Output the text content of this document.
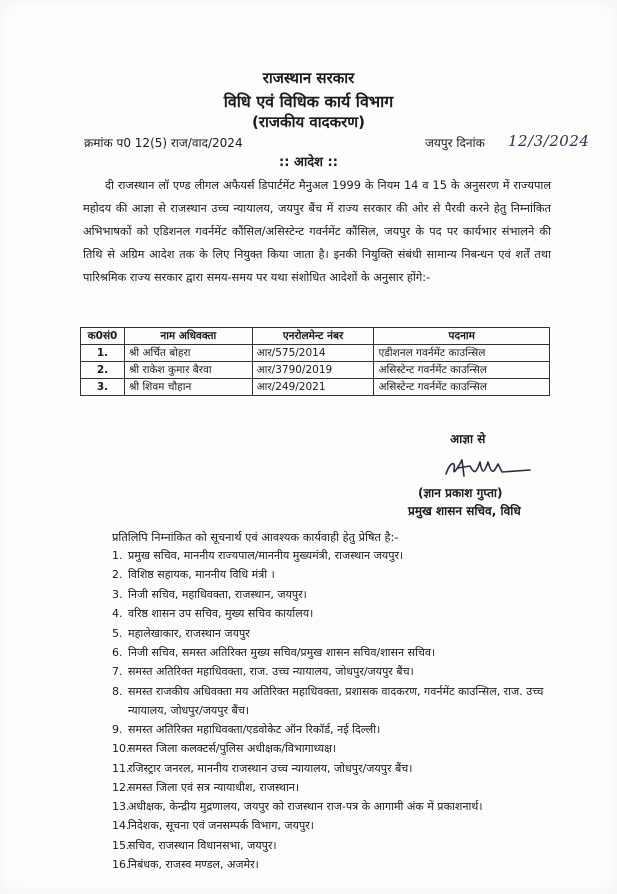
राजस्थान सरकार
विधि एवं विधिक कार्य विभाग
(राजकीय वादकरण)
क्रमांक प0 12(5) राज/वाद/2024	जयपुर दिनांक 12/3/2024
:: आदेश ::
दी राजस्थान लॉ एण्ड लीगल अफैयर्स डिपार्टमेंट मैनुअल 1999 के नियम 14 व 15 के अनुसरण में राज्यपाल महोदय की आज्ञा से राजस्थान उच्च न्यायालय, जयपुर बैंच में राज्य सरकार की ओर से पैरवी करने हेतु निम्नांकित अभिभाषकों को एडिशनल गवर्नमेंट कौंसिल/असिस्टेन्ट गवर्नमेंट कौंसिल, जयपुर के पद पर कार्यभार संभालने की तिथि से अग्रिम आदेश तक के लिए नियुक्त किया जाता है। इनकी नियुक्ति संबंधी सामान्य निबन्धन एवं शर्तें तथा पारिश्रमिक राज्य सरकार द्वारा समय-समय पर यथा संशोधित आदेशों के अनुसार होंगे:-
क0सं0	नाम अधिवक्ता	एनरोलमेन्ट नंबर	पदनाम
1.	श्री अर्चित बोहरा	आर/575/2014	एडीशनल गवर्नमेंट काउन्सिल
2.	श्री राकेश कुमार बैरवा	आर/3790/2019	असिस्टेन्ट गवर्नमेंट काउन्सिल
3.	श्री शिवम चौहान	आर/249/2021	असिस्टेन्ट गवर्नमेंट काउन्सिल
आज्ञा से
(ज्ञान प्रकाश गुप्ता)
प्रमुख शासन सचिव, विधि
प्रतिलिपि निम्नांकित को सूचनार्थ एवं आवश्यक कार्यवाही हेतु प्रेषित है:-
1. प्रमुख सचिव, माननीय राज्यपाल/माननीय मुख्यमंत्री, राजस्थान जयपुर।
2. विशिष्ठ सहायक, माननीय विधि मंत्री ।
3. निजी सचिव, महाधिवक्ता, राजस्थान, जयपुर।
4. वरिष्ठ शासन उप सचिव, मुख्य सचिव कार्यालय।
5. महालेखाकार, राजस्थान जयपुर
6. निजी सचिव, समस्त अतिरिक्त मुख्य सचिव/प्रमुख शासन सचिव/शासन सचिव।
7. समस्त अतिरिक्त महाधिवक्ता, राज. उच्च न्यायालय, जोधपुर/जयपुर बैंच।
8. समस्त राजकीय अधिवक्ता मय अतिरिक्त महाधिवक्ता, प्रशासक वादकरण, गवर्नमेंट काउन्सिल, राज. उच्च न्यायालय, जोधपुर/जयपुर बैंच।
9. समस्त अतिरिक्त महाधिवक्ता/एडवोकेट ऑन रिकॉर्ड, नई दिल्ली।
10.
समस्त जिला कलक्टर्स/पुलिस अधीक्षक/विभागाध्यक्ष।
11.
रजिस्ट्रार जनरल, माननीय राजस्थान उच्च न्यायालय, जोधपुर/जयपुर बैंच।
12.
समस्त जिला एवं सत्र न्यायाधीश, राजस्थान।
13.
अधीक्षक, केन्द्रीय मुद्रणालय, जयपुर को राजस्थान राज-पत्र के आगामी अंक में प्रकाशनार्थ।
14.
निदेशक, सूचना एवं जनसम्पर्क विभाग, जयपुर।
15.
सचिव, राजस्थान विधानसभा, जयपुर।
16.
निबंधक, राजस्व मण्डल, अजमेर।
